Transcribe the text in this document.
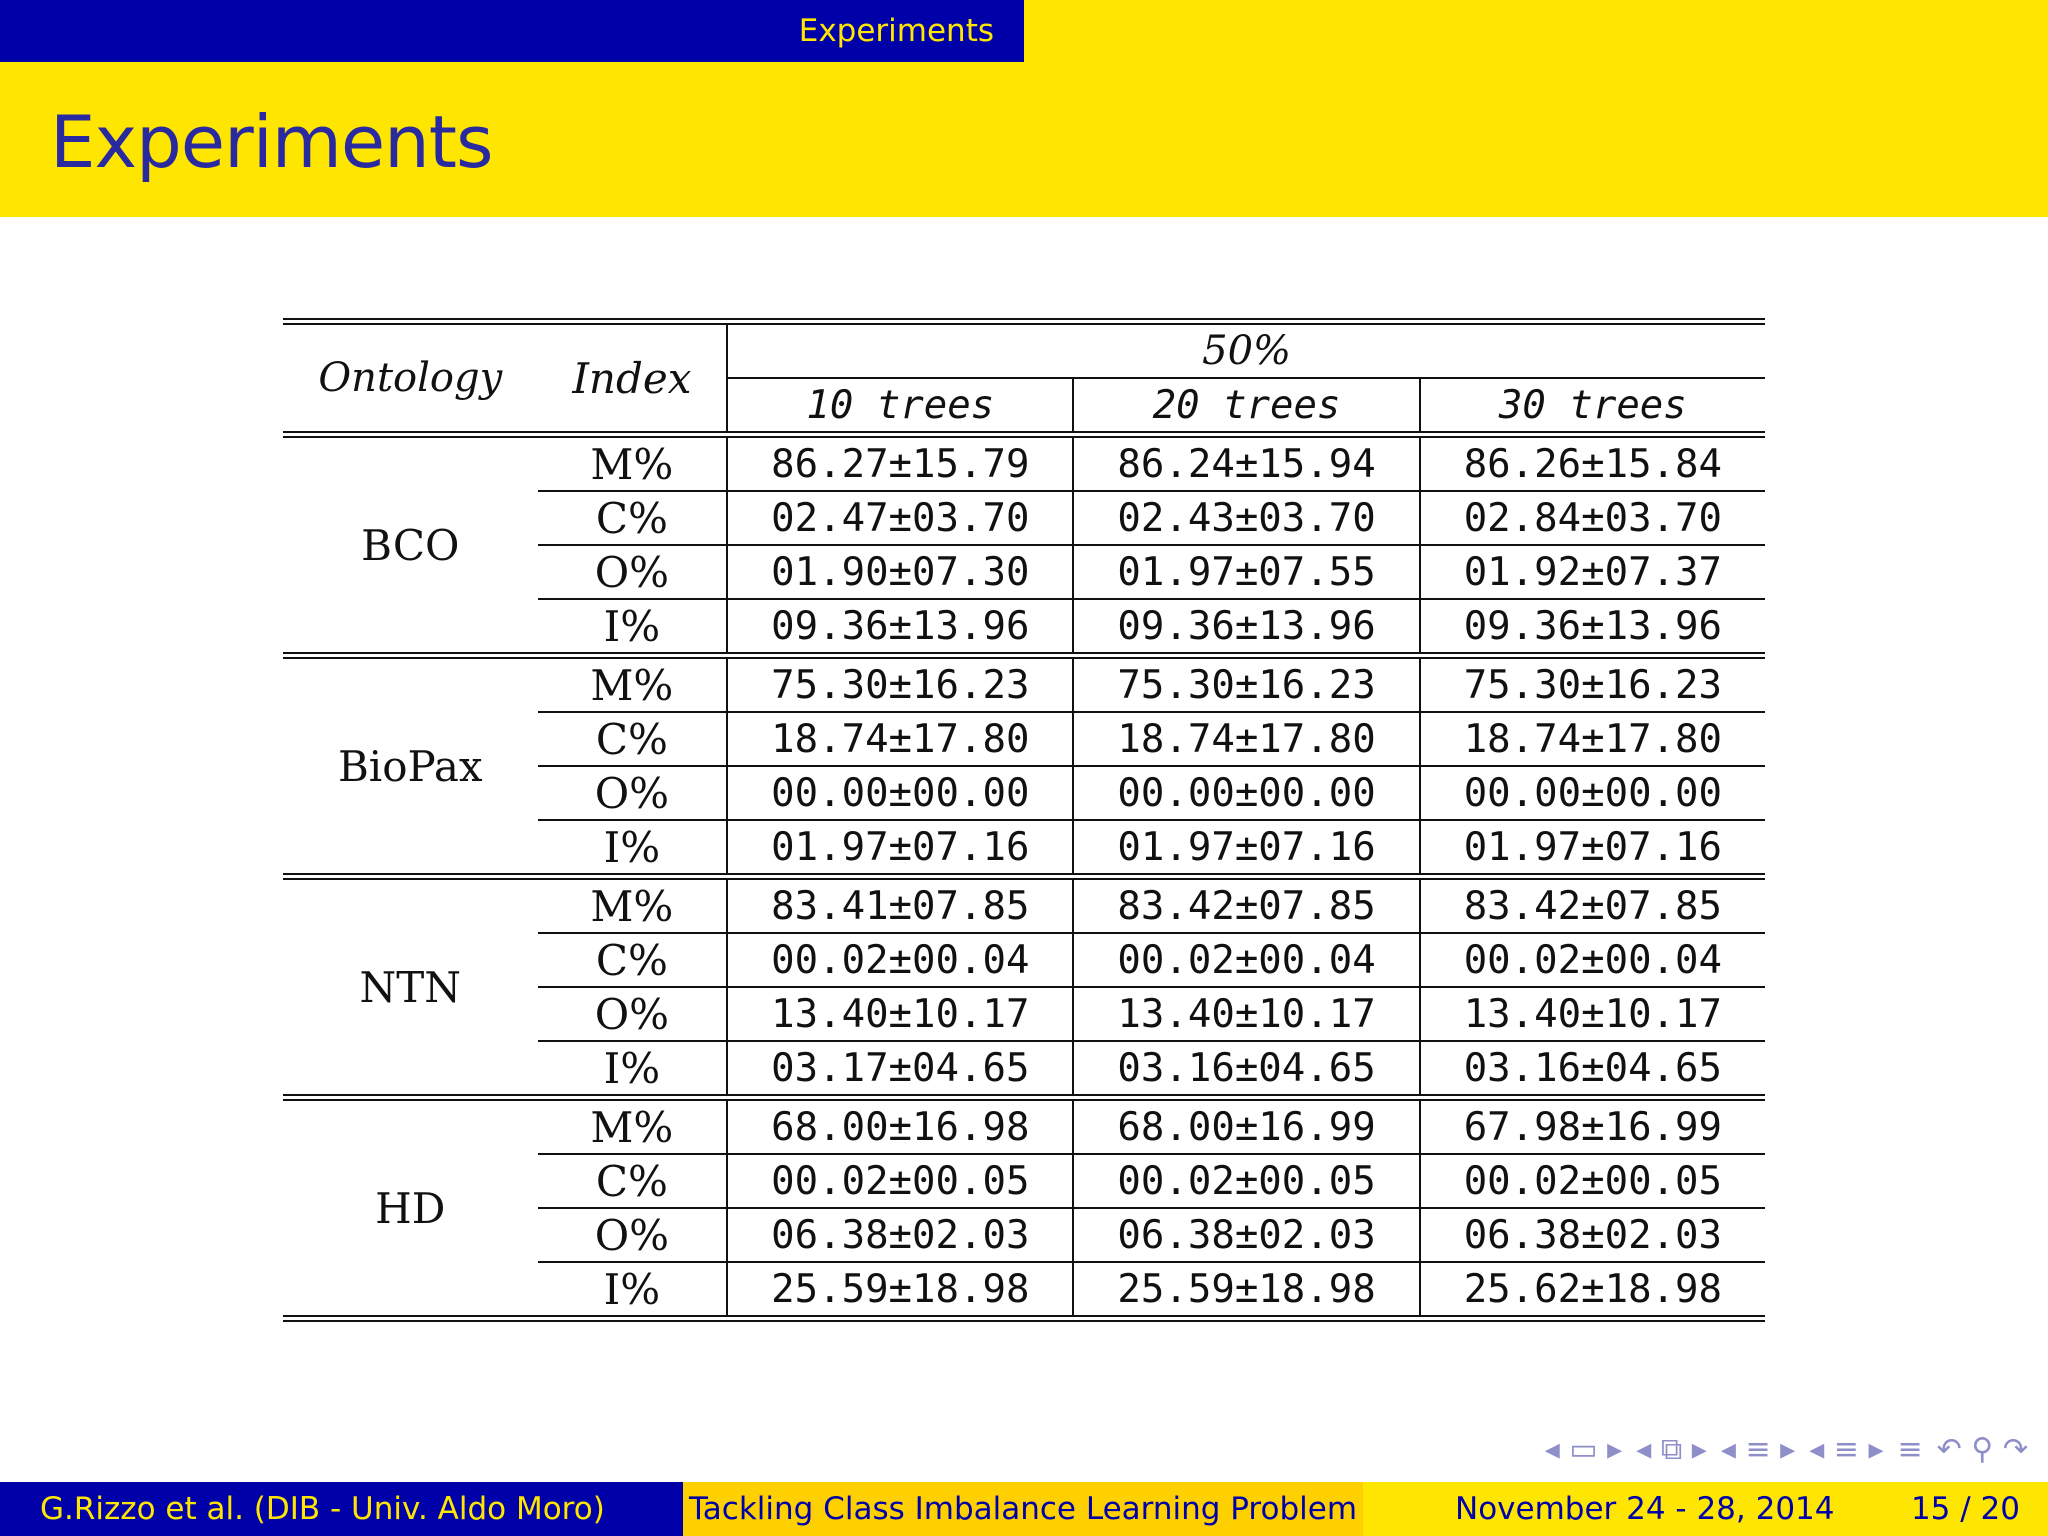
Experiments
Experiments
Ontology	Index	50%		
		10 trees	20 trees	30 trees
BCO	M%	86.27±15.79	86.24±15.94	86.26±15.84
	C%	02.47±03.70	02.43±03.70	02.84±03.70
	O%	01.90±07.30	01.97±07.55	01.92±07.37
	I%	09.36±13.96	09.36±13.96	09.36±13.96
BioPax	M%	75.30±16.23	75.30±16.23	75.30±16.23
	C%	18.74±17.80	18.74±17.80	18.74±17.80
	O%	00.00±00.00	00.00±00.00	00.00±00.00
	I%	01.97±07.16	01.97±07.16	01.97±07.16
NTN	M%	83.41±07.85	83.42±07.85	83.42±07.85
	C%	00.02±00.04	00.02±00.04	00.02±00.04
	O%	13.40±10.17	13.40±10.17	13.40±10.17
	I%	03.17±04.65	03.16±04.65	03.16±04.65
HD	M%	68.00±16.98	68.00±16.99	67.98±16.99
	C%	00.02±00.05	00.02±00.05	00.02±00.05
	O%	06.38±02.03	06.38±02.03	06.38±02.03
	I%	25.59±18.98	25.59±18.98	25.62±18.98
◂ ▭ ▸ ◂ ⧉ ▸ ◂ ≡ ▸ ◂ ≡ ▸ ≡ ↶ ⚲ ↷
G.Rizzo et al. (DIB - Univ. Aldo Moro)	Tackling Class Imbalance Learning Problem	November 24 - 28, 2014 15 / 20
